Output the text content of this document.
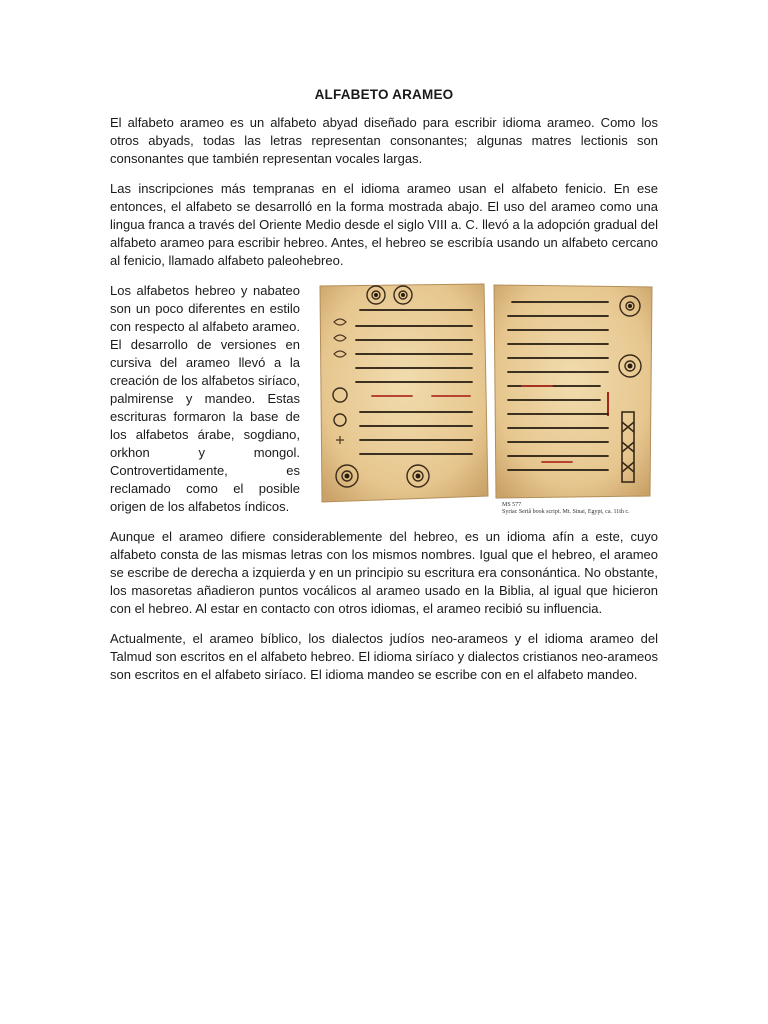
ALFABETO ARAMEO

El alfabeto arameo es un alfabeto abyad diseñado para escribir idioma arameo. Como los otros abyads, todas las letras representan consonantes; algunas matres lectionis son consonantes que también representan vocales largas.

Las inscripciones más tempranas en el idioma arameo usan el alfabeto fenicio. En ese entonces, el alfabeto se desarrolló en la forma mostrada abajo. El uso del arameo como una lingua franca a través del Oriente Medio desde el siglo VIII a. C. llevó a la adopción gradual del alfabeto arameo para escribir hebreo. Antes, el hebreo se escribía usando un alfabeto cercano al fenicio, llamado alfabeto paleohebreo.

MS 577
Syriac Sertâ book script. Mt. Sinai, Egypt, ca. 11th c.

Los alfabetos hebreo y nabateo son un poco diferentes en estilo con respecto al alfabeto arameo. El desarrollo de versiones en cursiva del arameo llevó a la creación de los alfabetos siríaco, palmirense y mandeo. Estas escrituras formaron la base de los alfabetos árabe, sogdiano, orkhon y mongol. Controvertidamente, es reclamado como el posible origen de los alfabetos índicos.

Aunque el arameo difiere considerablemente del hebreo, es un idioma afín a este, cuyo alfabeto consta de las mismas letras con los mismos nombres. Igual que el hebreo, el arameo se escribe de derecha a izquierda y en un principio su escritura era consonántica. No obstante, los masoretas añadieron puntos vocálicos al arameo usado en la Biblia, al igual que hicieron con el hebreo. Al estar en contacto con otros idiomas, el arameo recibió su influencia.

Actualmente, el arameo bíblico, los dialectos judíos neo-arameos y el idioma arameo del Talmud son escritos en el alfabeto hebreo. El idioma siríaco y dialectos cristianos neo-arameos son escritos en el alfabeto siríaco. El idioma mandeo se escribe con en el alfabeto mandeo.
